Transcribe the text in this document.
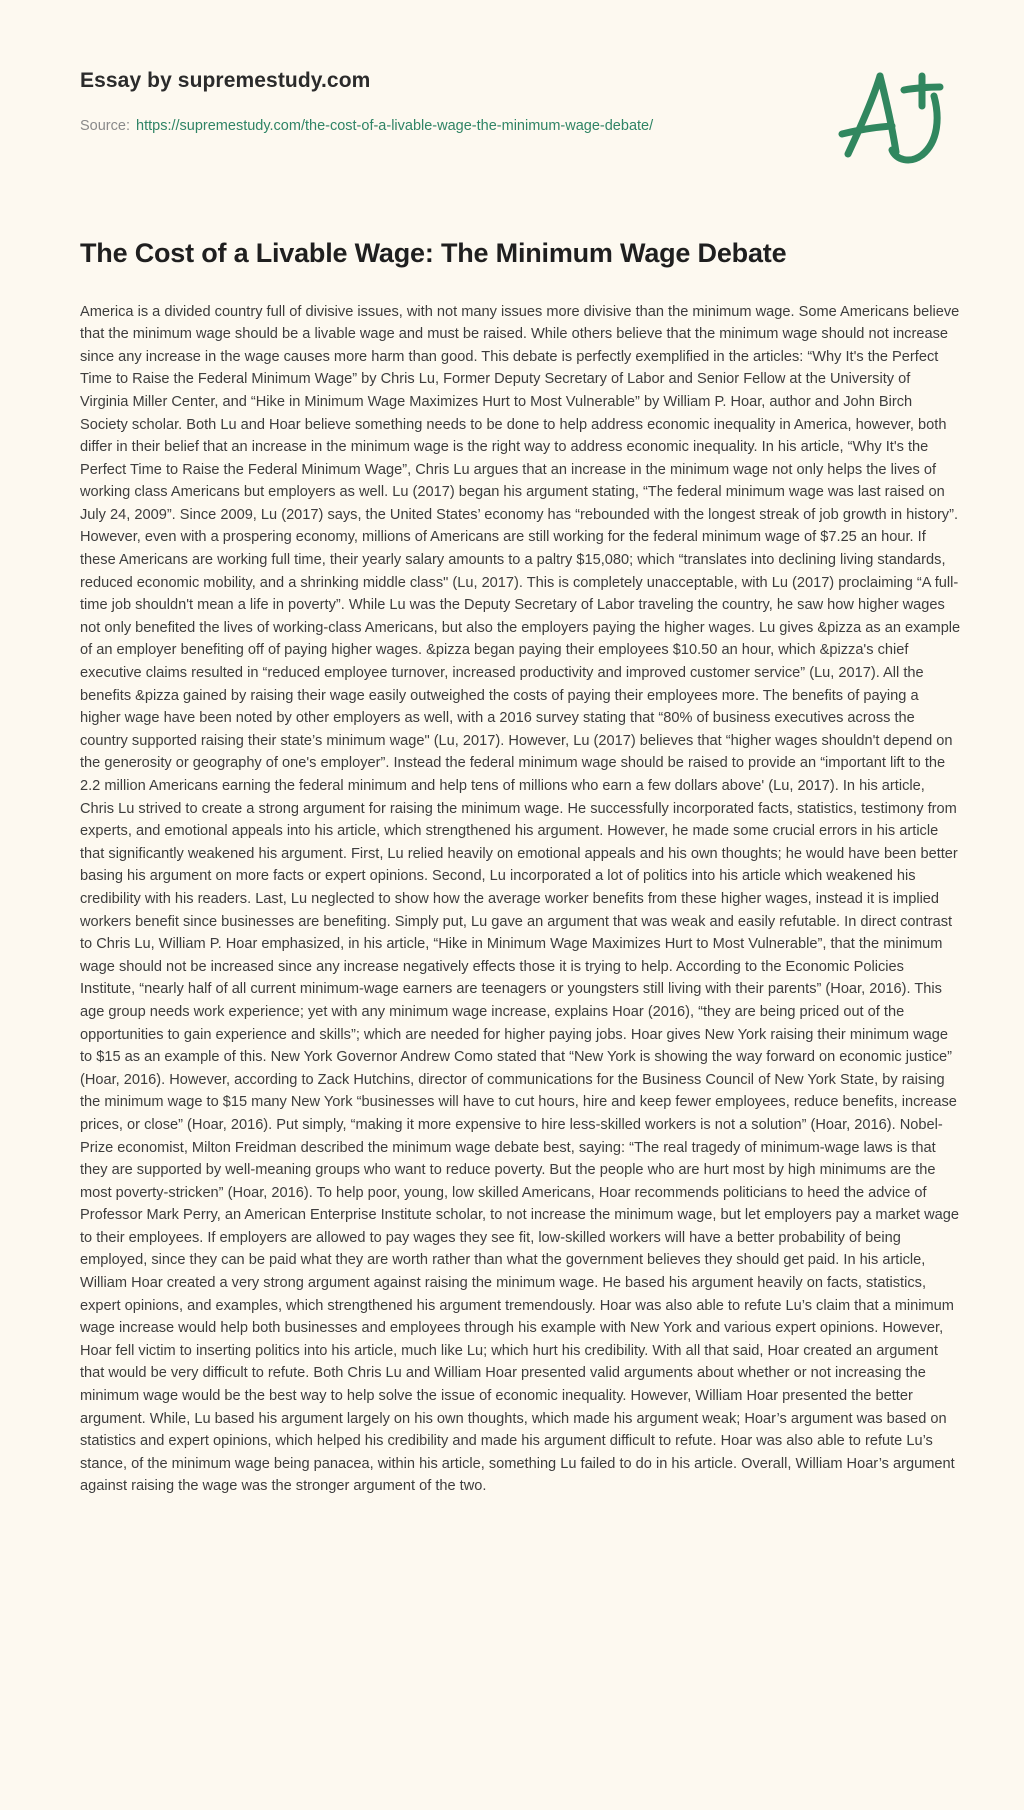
Essay by supremestudy.com
Source: https://supremestudy.com/the-cost-of-a-livable-wage-the-minimum-wage-debate/
The Cost of a Livable Wage: The Minimum Wage Debate

America is a divided country full of divisive issues, with not many issues more divisive than the minimum wage. Some Americans believe that the minimum wage should be a livable wage and must be raised. While others believe that the minimum wage should not increase since any increase in the wage causes more harm than good. This debate is perfectly exemplified in the articles: “Why It's the Perfect Time to Raise the Federal Minimum Wage” by Chris Lu, Former Deputy Secretary of Labor and Senior Fellow at the University of Virginia Miller Center, and “Hike in Minimum Wage Maximizes Hurt to Most Vulnerable” by William P. Hoar, author and John Birch Society scholar. Both Lu and Hoar believe something needs to be done to help address economic inequality in America, however, both differ in their belief that an increase in the minimum wage is the right way to address economic inequality. In his article, “Why It's the Perfect Time to Raise the Federal Minimum Wage”, Chris Lu argues that an increase in the minimum wage not only helps the lives of working class Americans but employers as well. Lu (2017) began his argument stating, “The federal minimum wage was last raised on July 24, 2009”. Since 2009, Lu (2017) says, the United States’ economy has “rebounded with the longest streak of job growth in history”. However, even with a prospering economy, millions of Americans are still working for the federal minimum wage of $7.25 an hour. If these Americans are working full time, their yearly salary amounts to a paltry $15,080; which “translates into declining living standards, reduced economic mobility, and a shrinking middle class" (Lu, 2017). This is completely unacceptable, with Lu (2017) proclaiming “A full-time job shouldn't mean a life in poverty”. While Lu was the Deputy Secretary of Labor traveling the country, he saw how higher wages not only benefited the lives of working-class Americans, but also the employers paying the higher wages. Lu gives &pizza as an example of an employer benefiting off of paying higher wages. &pizza began paying their employees $10.50 an hour, which &pizza's chief executive claims resulted in “reduced employee turnover, increased productivity and improved customer service” (Lu, 2017). All the benefits &pizza gained by raising their wage easily outweighed the costs of paying their employees more. The benefits of paying a higher wage have been noted by other employers as well, with a 2016 survey stating that “80% of business executives across the country supported raising their state’s minimum wage" (Lu, 2017). However, Lu (2017) believes that “higher wages shouldn't depend on the generosity or geography of one's employer”. Instead the federal minimum wage should be raised to provide an “important lift to the 2.2 million Americans earning the federal minimum and help tens of millions who earn a few dollars above' (Lu, 2017). In his article, Chris Lu strived to create a strong argument for raising the minimum wage. He successfully incorporated facts, statistics, testimony from experts, and emotional appeals into his article, which strengthened his argument. However, he made some crucial errors in his article that significantly weakened his argument. First, Lu relied heavily on emotional appeals and his own thoughts; he would have been better basing his argument on more facts or expert opinions. Second, Lu incorporated a lot of politics into his article which weakened his credibility with his readers. Last, Lu neglected to show how the average worker benefits from these higher wages, instead it is implied workers benefit since businesses are benefiting. Simply put, Lu gave an argument that was weak and easily refutable. In direct contrast to Chris Lu, William P. Hoar emphasized, in his article, “Hike in Minimum Wage Maximizes Hurt to Most Vulnerable”, that the minimum wage should not be increased since any increase negatively effects those it is trying to help. According to the Economic Policies Institute, “nearly half of all current minimum-wage earners are teenagers or youngsters still living with their parents” (Hoar, 2016). This age group needs work experience; yet with any minimum wage increase, explains Hoar (2016), “they are being priced out of the opportunities to gain experience and skills”; which are needed for higher paying jobs. Hoar gives New York raising their minimum wage to $15 as an example of this. New York Governor Andrew Como stated that “New York is showing the way forward on economic justice” (Hoar, 2016). However, according to Zack Hutchins, director of communications for the Business Council of New York State, by raising the minimum wage to $15 many New York “businesses will have to cut hours, hire and keep fewer employees, reduce benefits, increase prices, or close” (Hoar, 2016). Put simply, “making it more expensive to hire less-skilled workers is not a solution” (Hoar, 2016). Nobel-Prize economist, Milton Freidman described the minimum wage debate best, saying: “The real tragedy of minimum-wage laws is that they are supported by well-meaning groups who want to reduce poverty. But the people who are hurt most by high minimums are the most poverty-stricken” (Hoar, 2016). To help poor, young, low skilled Americans, Hoar recommends politicians to heed the advice of Professor Mark Perry, an American Enterprise Institute scholar, to not increase the minimum wage, but let employers pay a market wage to their employees. If employers are allowed to pay wages they see fit, low-skilled workers will have a better probability of being employed, since they can be paid what they are worth rather than what the government believes they should get paid. In his article, William Hoar created a very strong argument against raising the minimum wage. He based his argument heavily on facts, statistics, expert opinions, and examples, which strengthened his argument tremendously. Hoar was also able to refute Lu’s claim that a minimum wage increase would help both businesses and employees through his example with New York and various expert opinions. However, Hoar fell victim to inserting politics into his article, much like Lu; which hurt his credibility. With all that said, Hoar created an argument that would be very difficult to refute. Both Chris Lu and William Hoar presented valid arguments about whether or not increasing the minimum wage would be the best way to help solve the issue of economic inequality. However, William Hoar presented the better argument. While, Lu based his argument largely on his own thoughts, which made his argument weak; Hoar’s argument was based on statistics and expert opinions, which helped his credibility and made his argument difficult to refute. Hoar was also able to refute Lu’s stance, of the minimum wage being panacea, within his article, something Lu failed to do in his article. Overall, William Hoar’s argument against raising the wage was the stronger argument of the two.
